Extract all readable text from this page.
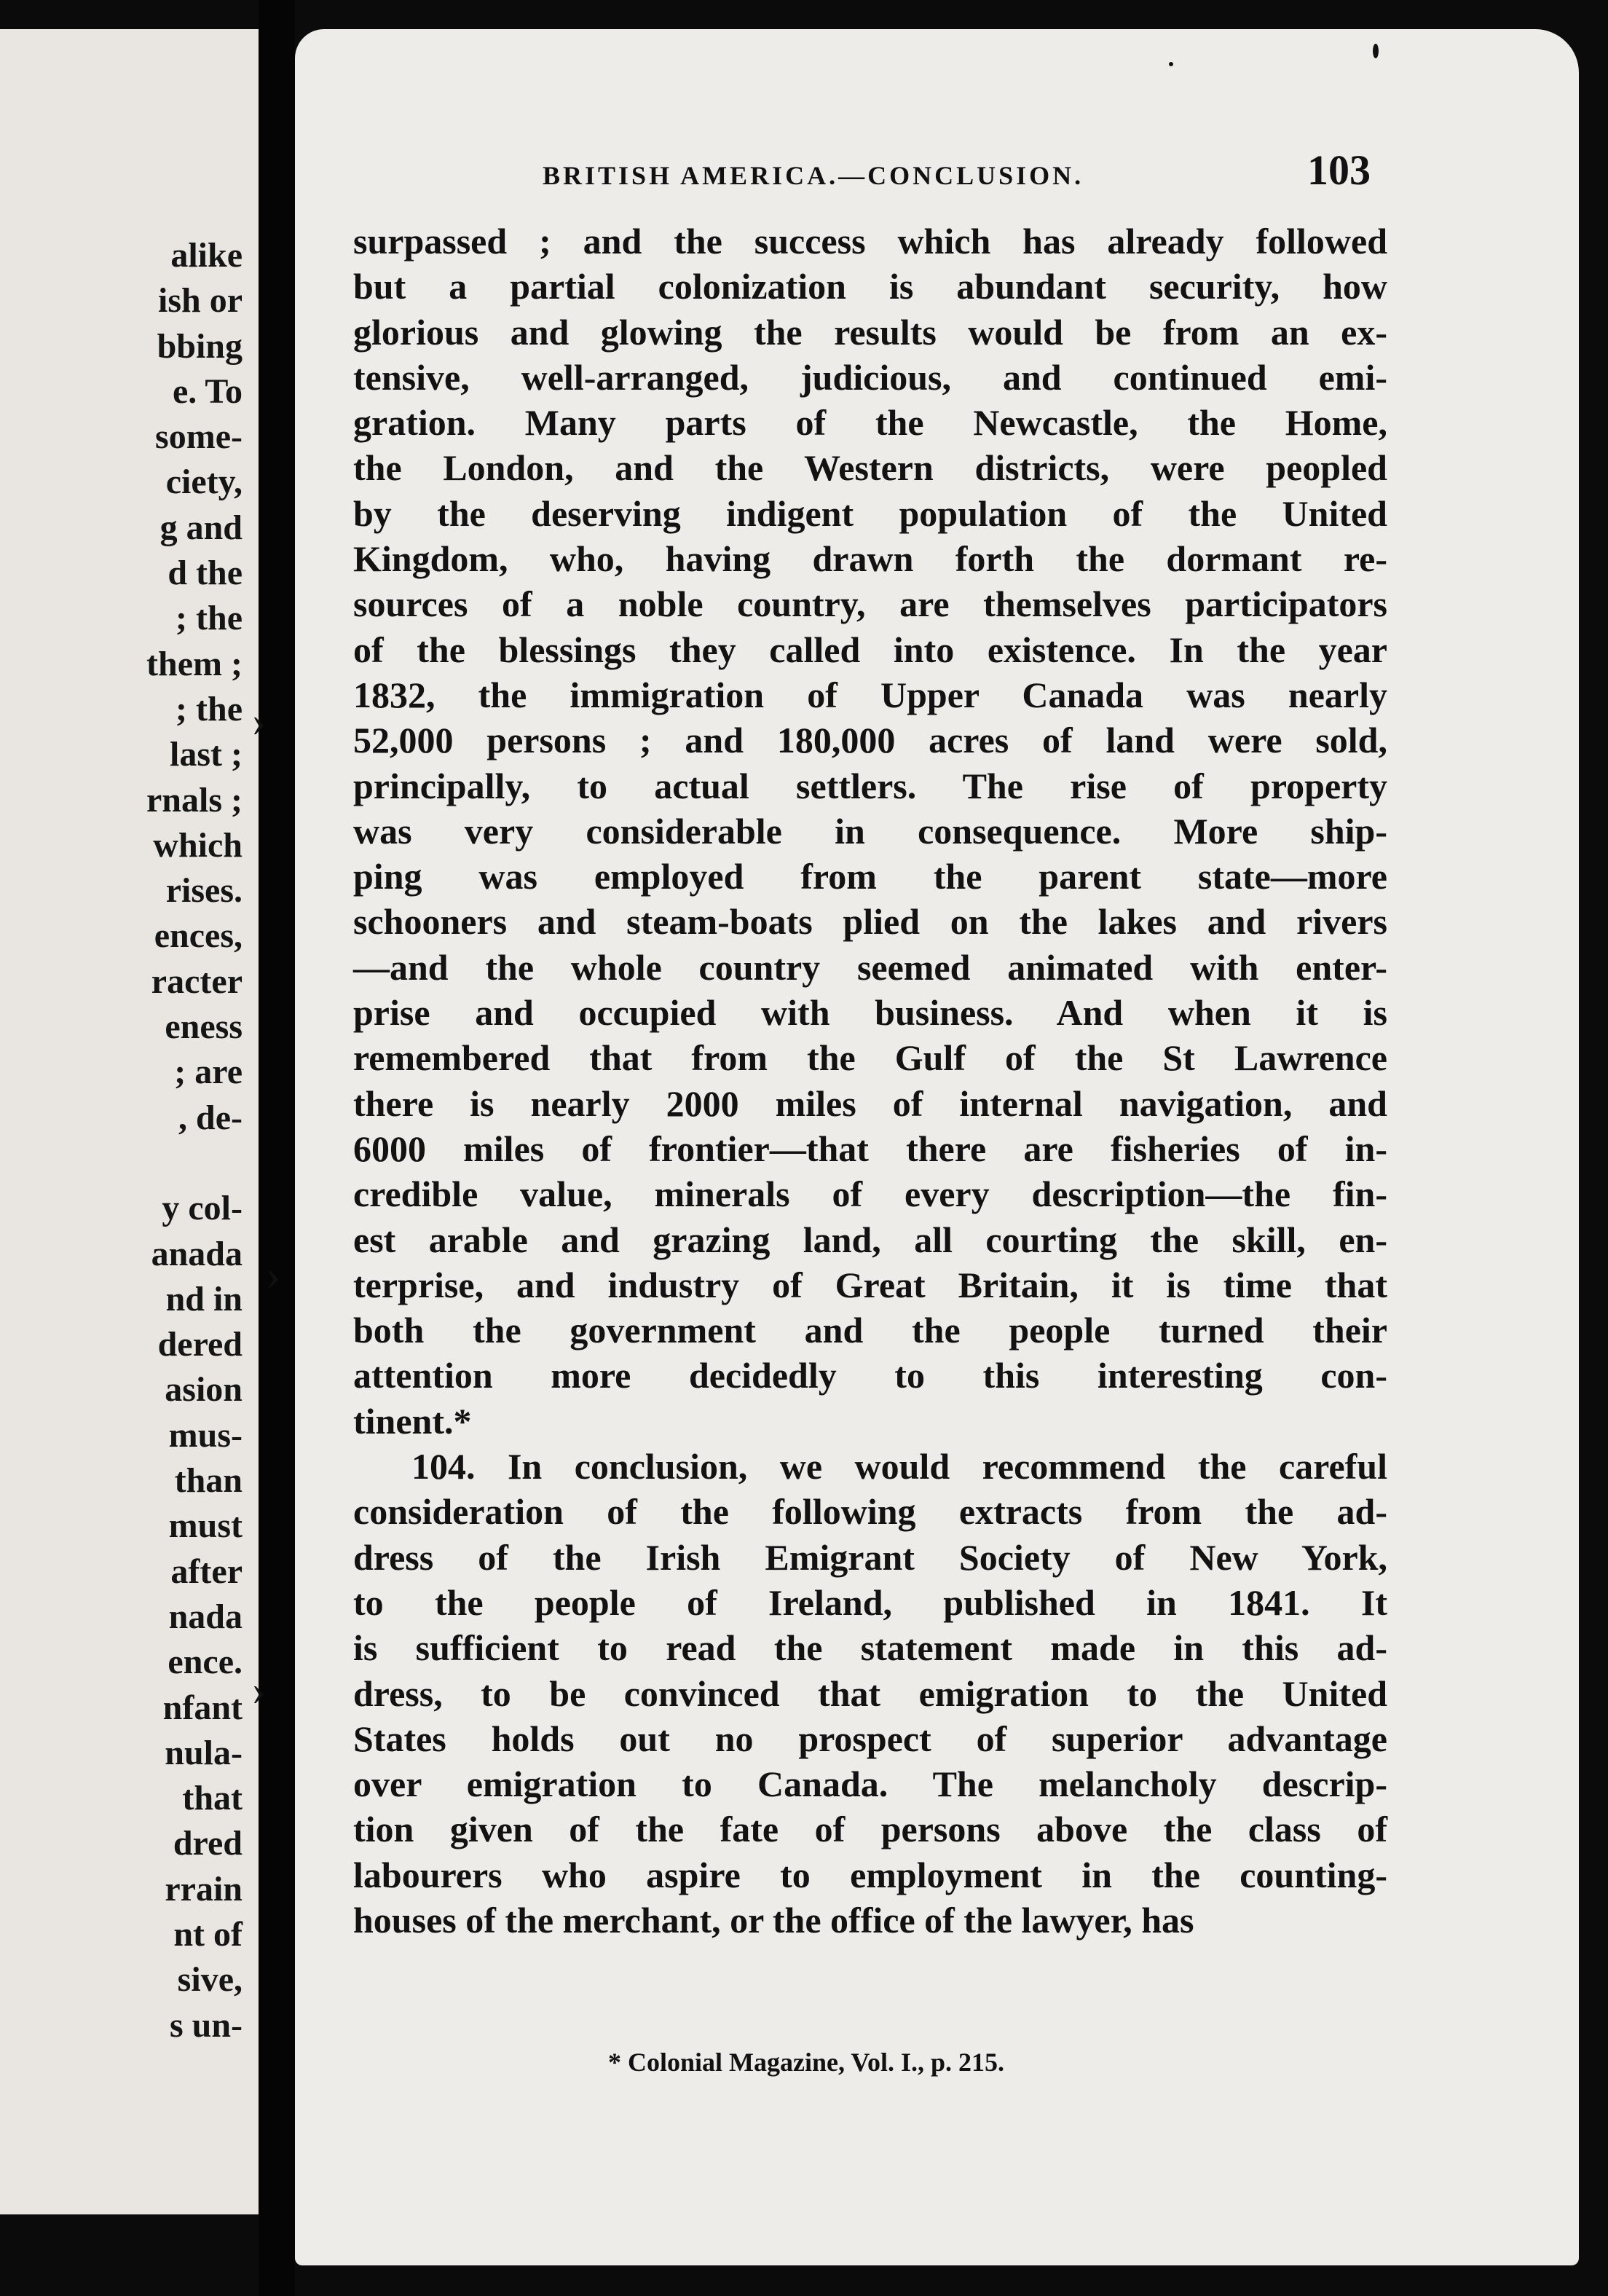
alike
ish or
bbing
e. To
some-
ciety,
g and
d the
; the
them ;
; the
last ;
rnals ;
which
rises.
ences,
racter
eness
; are
, de-
y col-
anada
nd in
dered
asion
mus-
than
must
after
nada
ence.
nfant
nula-
that
dred
rrain
nt of
sive,
s un-
BRITISH AMERICA.—CONCLUSION.	103
surpassed ; and the success which has already followed
but a partial colonization is abundant security, how
glorious and glowing the results would be from an ex-
tensive, well-arranged, judicious, and continued emi-
gration. Many parts of the Newcastle, the Home,
the London, and the Western districts, were peopled
by the deserving indigent population of the United
Kingdom, who, having drawn forth the dormant re-
sources of a noble country, are themselves participators
of the blessings they called into existence. In the year
1832, the immigration of Upper Canada was nearly
52,000 persons ; and 180,000 acres of land were sold,
principally, to actual settlers. The rise of property
was very considerable in consequence. More ship-
ping was employed from the parent state—more
schooners and steam-boats plied on the lakes and rivers
—and the whole country seemed animated with enter-
prise and occupied with business. And when it is
remembered that from the Gulf of the St Lawrence
there is nearly 2000 miles of internal navigation, and
6000 miles of frontier—that there are fisheries of in-
credible value, minerals of every description—the fin-
est arable and grazing land, all courting the skill, en-
terprise, and industry of Great Britain, it is time that
both the government and the people turned their
attention more decidedly to this interesting con-
tinent.*
104. In conclusion, we would recommend the careful
consideration of the following extracts from the ad-
dress of the Irish Emigrant Society of New York,
to the people of Ireland, published in 1841. It
is sufficient to read the statement made in this ad-
dress, to be convinced that emigration to the United
States holds out no prospect of superior advantage
over emigration to Canada. The melancholy descrip-
tion given of the fate of persons above the class of
labourers who aspire to employment in the counting-
houses of the merchant, or the office of the lawyer, has
* Colonial Magazine, Vol. I., p. 215.
›
›
›
